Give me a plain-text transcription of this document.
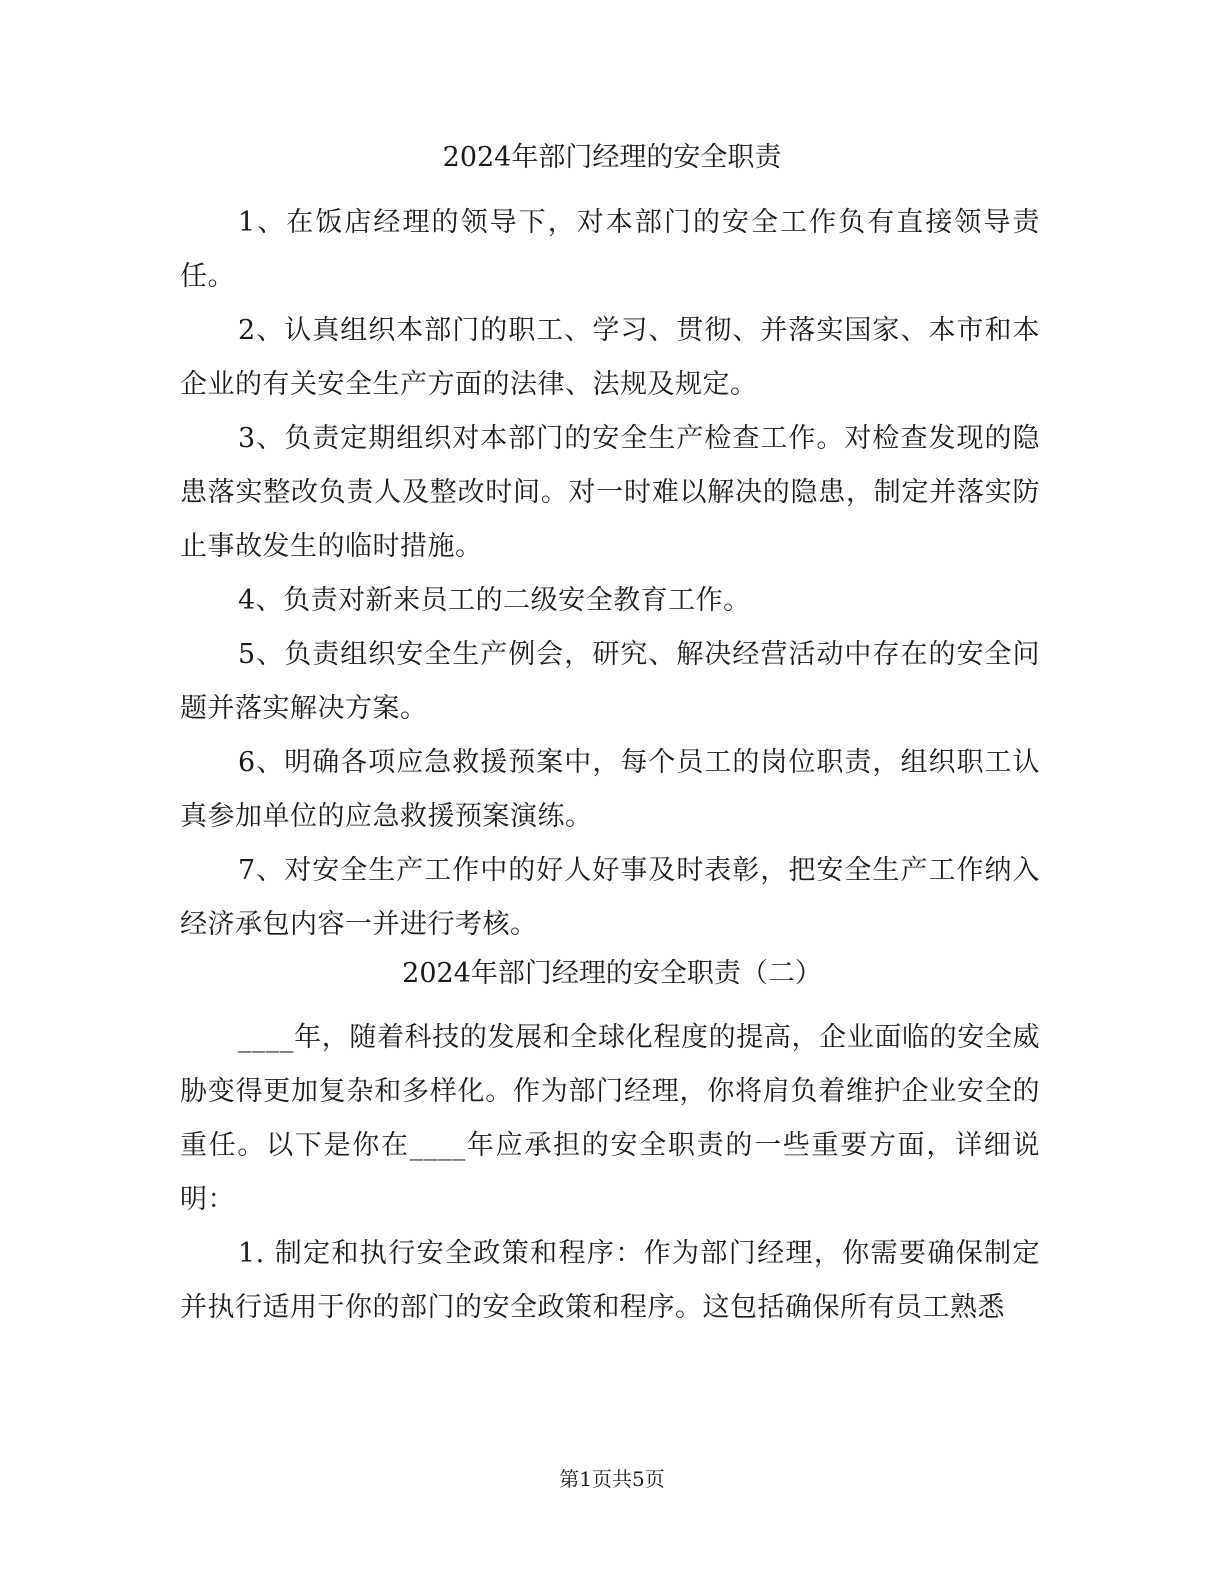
2024年部门经理的安全职责

1、在饭店经理的领导下，对本部门的安全工作负有直接领导责任。

2、认真组织本部门的职工、学习、贯彻、并落实国家、本市和本企业的有关安全生产方面的法律、法规及规定。

3、负责定期组织对本部门的安全生产检查工作。对检查发现的隐患落实整改负责人及整改时间。对一时难以解决的隐患，制定并落实防止事故发生的临时措施。

4、负责对新来员工的二级安全教育工作。

5、负责组织安全生产例会，研究、解决经营活动中存在的安全问题并落实解决方案。

6、明确各项应急救援预案中，每个员工的岗位职责，组织职工认真参加单位的应急救援预案演练。

7、对安全生产工作中的好人好事及时表彰，把安全生产工作纳入经济承包内容一并进行考核。

2024年部门经理的安全职责（二）

____年，随着科技的发展和全球化程度的提高，企业面临的安全威胁变得更加复杂和多样化。作为部门经理，你将肩负着维护企业安全的重任。以下是你在____年应承担的安全职责的一些重要方面，详细说明：

1. 制定和执行安全政策和程序：作为部门经理，你需要确保制定并执行适用于你的部门的安全政策和程序。这包括确保所有员工熟悉

第1页共5页
